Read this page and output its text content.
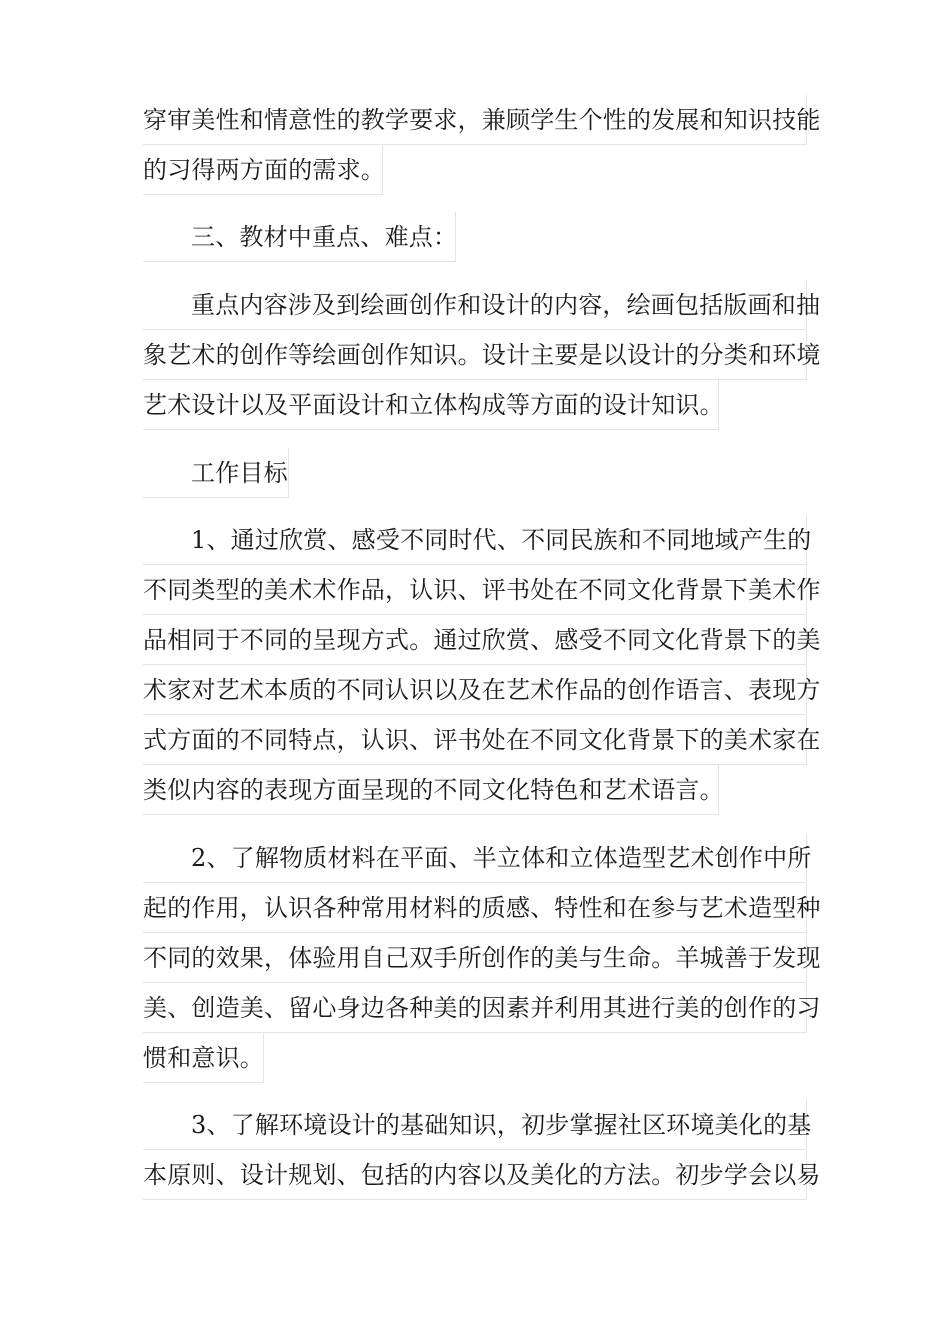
穿审美性和情意性的教学要求，兼顾学生个性的发展和知识技能
的习得两方面的需求。
三、教材中重点、难点：
重点内容涉及到绘画创作和设计的内容，绘画包括版画和抽
象艺术的创作等绘画创作知识。设计主要是以设计的分类和环境
艺术设计以及平面设计和立体构成等方面的设计知识。
工作目标
1、通过欣赏、感受不同时代、不同民族和不同地域产生的
不同类型的美术术作品，认识、评书处在不同文化背景下美术作
品相同于不同的呈现方式。通过欣赏、感受不同文化背景下的美
术家对艺术本质的不同认识以及在艺术作品的创作语言、表现方
式方面的不同特点，认识、评书处在不同文化背景下的美术家在
类似内容的表现方面呈现的不同文化特色和艺术语言。
2、了解物质材料在平面、半立体和立体造型艺术创作中所
起的作用，认识各种常用材料的质感、特性和在参与艺术造型种
不同的效果，体验用自己双手所创作的美与生命。羊城善于发现
美、创造美、留心身边各种美的因素并利用其进行美的创作的习
惯和意识。
3、了解环境设计的基础知识，初步掌握社区环境美化的基
本原则、设计规划、包括的内容以及美化的方法。初步学会以易
